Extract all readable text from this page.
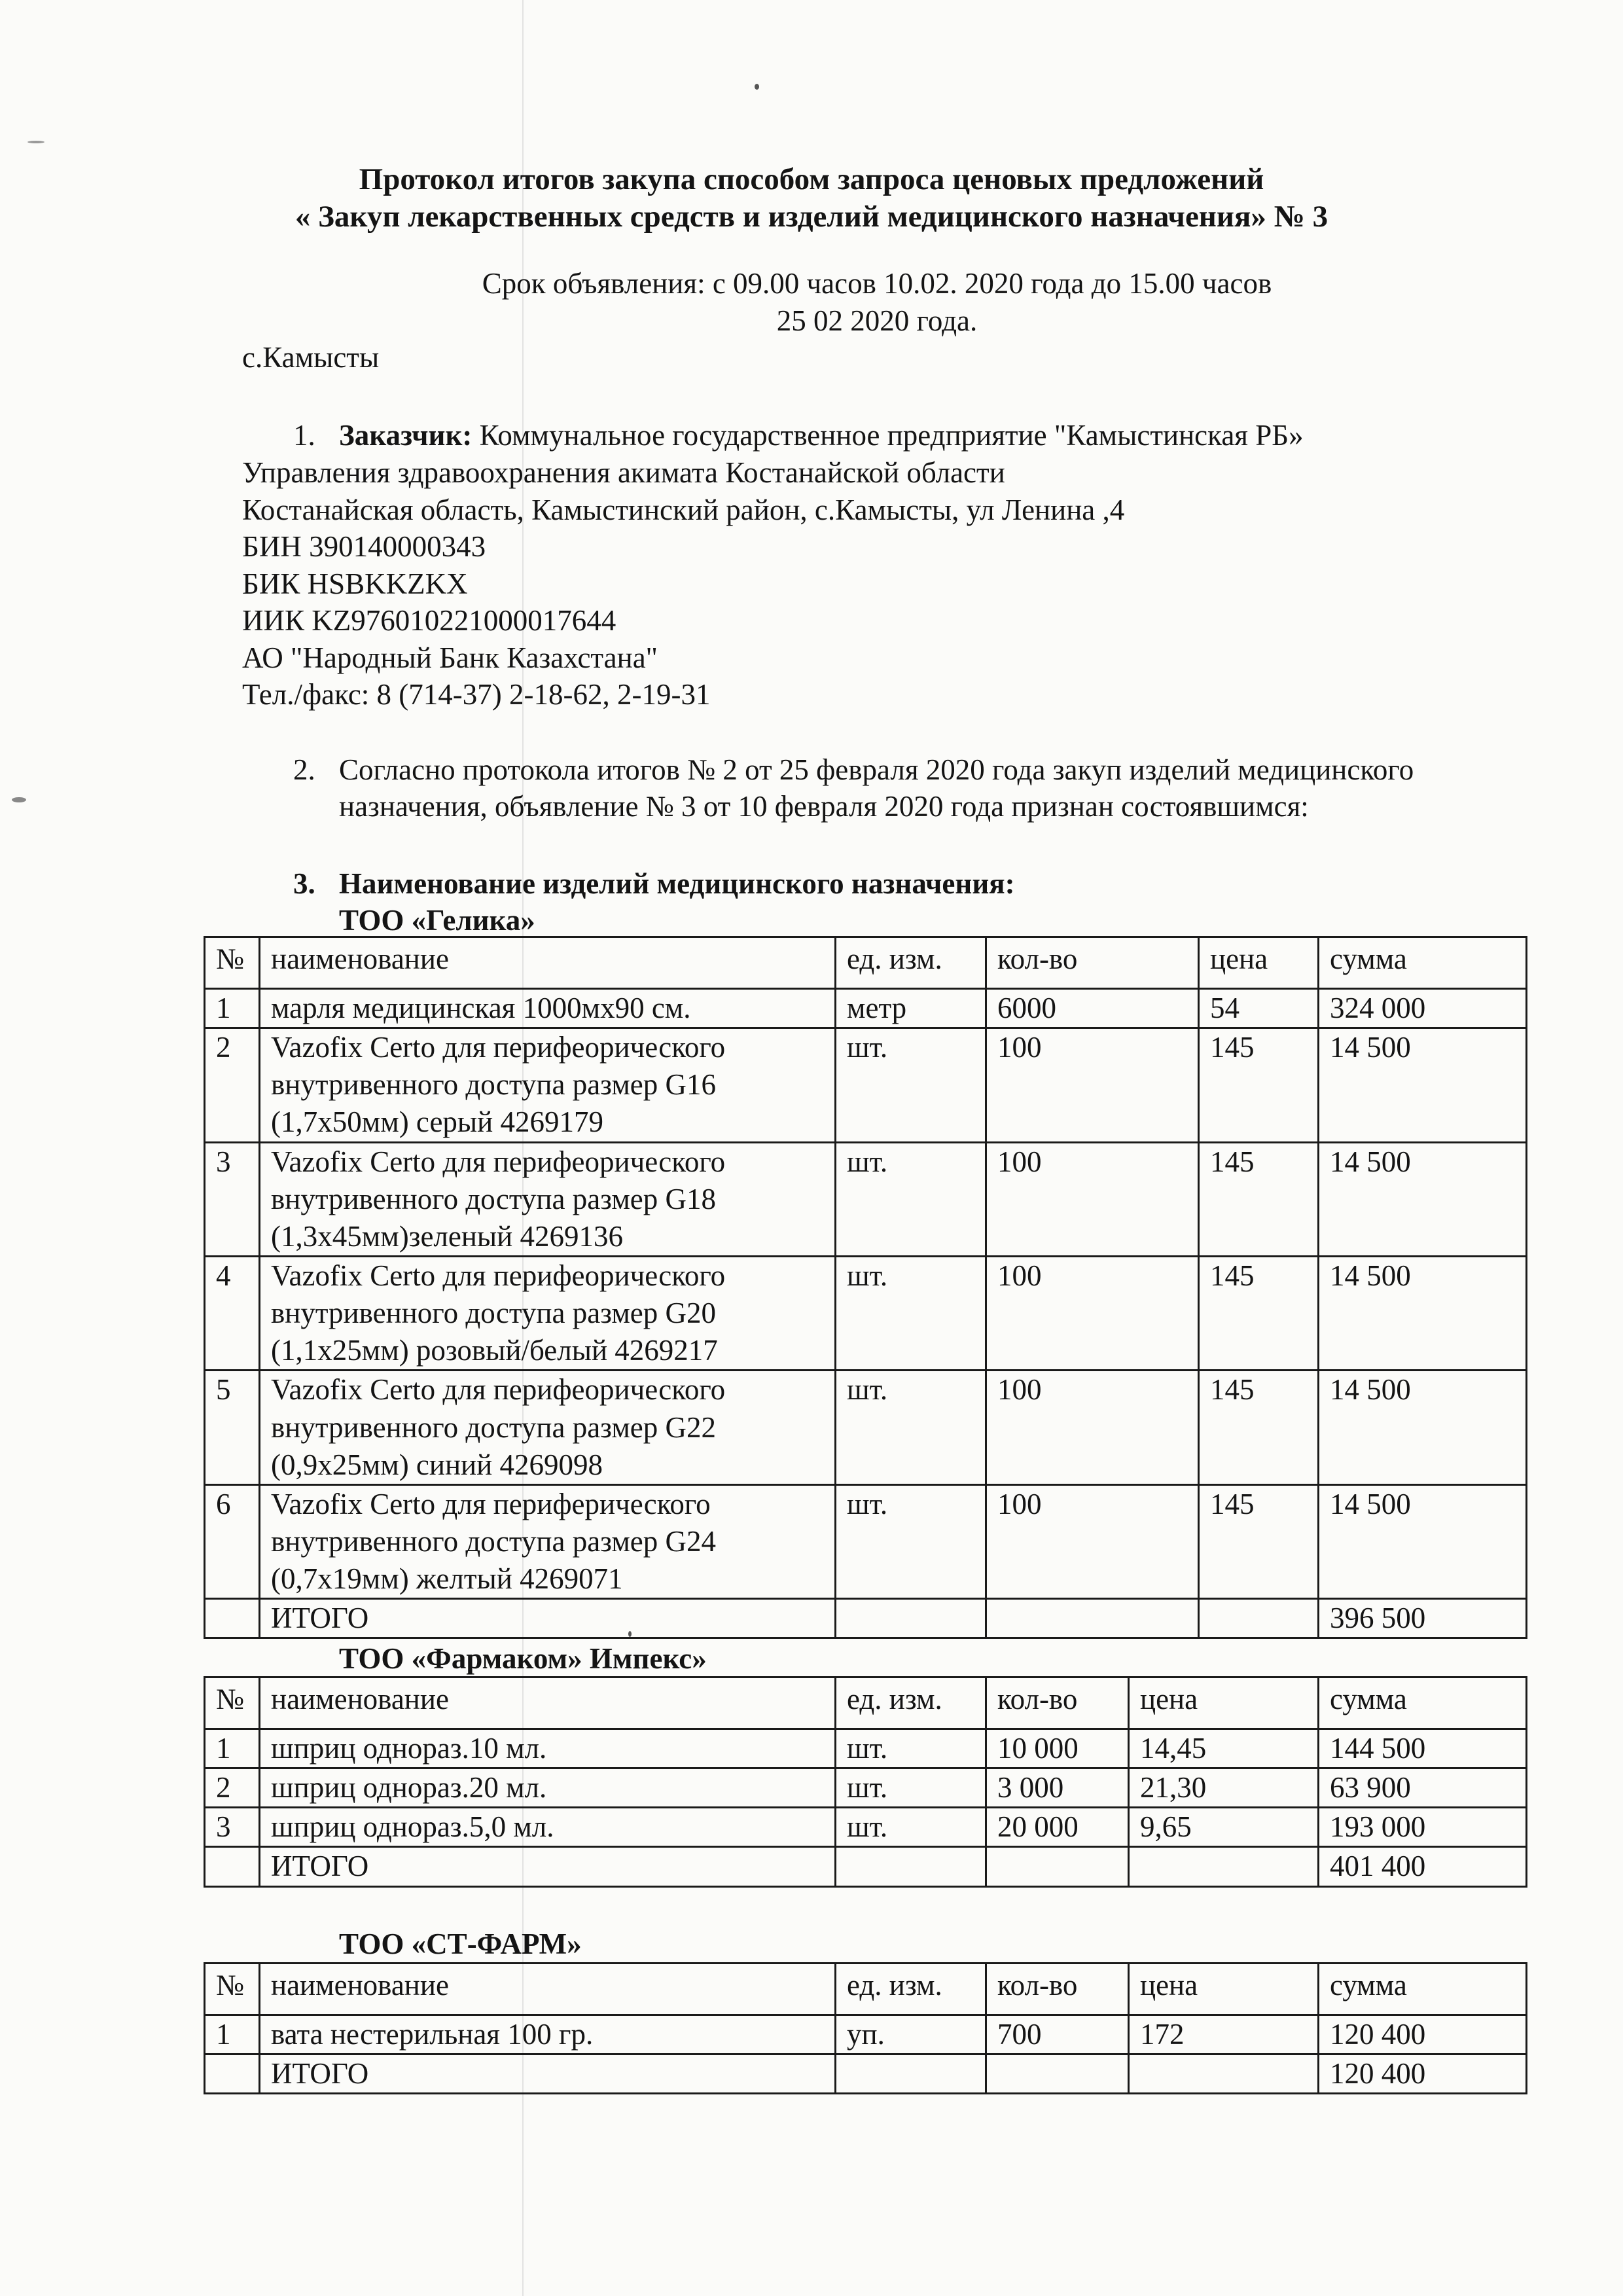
Протокол итогов закупа способом запроса ценовых предложений
« Закуп лекарственных средств и изделий медицинского назначения» № 3
Срок объявления: с 09.00 часов 10.02. 2020 года до 15.00 часов
25 02 2020 года.
с.Камысты
1. Заказчик: Коммунальное государственное предприятие "Камыстинская РБ»
Управления здравоохранения акимата Костанайской области
Костанайская область, Камыстинский район, с.Камысты, ул Ленина ,4
БИН 390140000343
БИК HSBKKZKX
ИИК KZ976010221000017644
АО "Народный Банк Казахстана"
Тел./факс: 8 (714-37) 2-18-62, 2-19-31
2. Согласно протокола итогов № 2 от 25 февраля 2020 года закуп изделий медицинского назначения, объявление № 3 от 10 февраля 2020 года признан состоявшимся:
3. Наименование изделий медицинского назначения:
ТОО «Гелика»
№	наименование	ед. изм.	кол-во	цена	сумма
1	марля медицинская 1000мх90 см.	метр	6000	54	324 000
2	Vazofix Certo для перифеорического внутривенного доступа размер G16 (1,7х50мм) серый 4269179	шт.	100	145	14 500
3	Vazofix Certo для перифеорического внутривенного доступа размер G18 (1,3х45мм)зеленый 4269136	шт.	100	145	14 500
4	Vazofix Certo для перифеорического внутривенного доступа размер G20 (1,1х25мм) розовый/белый 4269217	шт.	100	145	14 500
5	Vazofix Certo для перифеорического внутривенного доступа размер G22 (0,9х25мм) синий 4269098	шт.	100	145	14 500
6	Vazofix Certo для периферического внутривенного доступа размер G24 (0,7х19мм) желтый 4269071	шт.	100	145	14 500
	ИТОГО				396 500
ТОО «Фармаком» Импекс»
№	наименование	ед. изм.	кол-во	цена	сумма
1	шприц однораз.10 мл.	шт.	10 000	14,45	144 500
2	шприц однораз.20 мл.	шт.	3 000	21,30	63 900
3	шприц однораз.5,0 мл.	шт.	20 000	9,65	193 000
	ИТОГО				401 400
ТОО «СТ-ФАРМ»
№	наименование	ед. изм.	кол-во	цена	сумма
1	вата нестерильная 100 гр.	уп.	700	172	120 400
	ИТОГО				120 400
